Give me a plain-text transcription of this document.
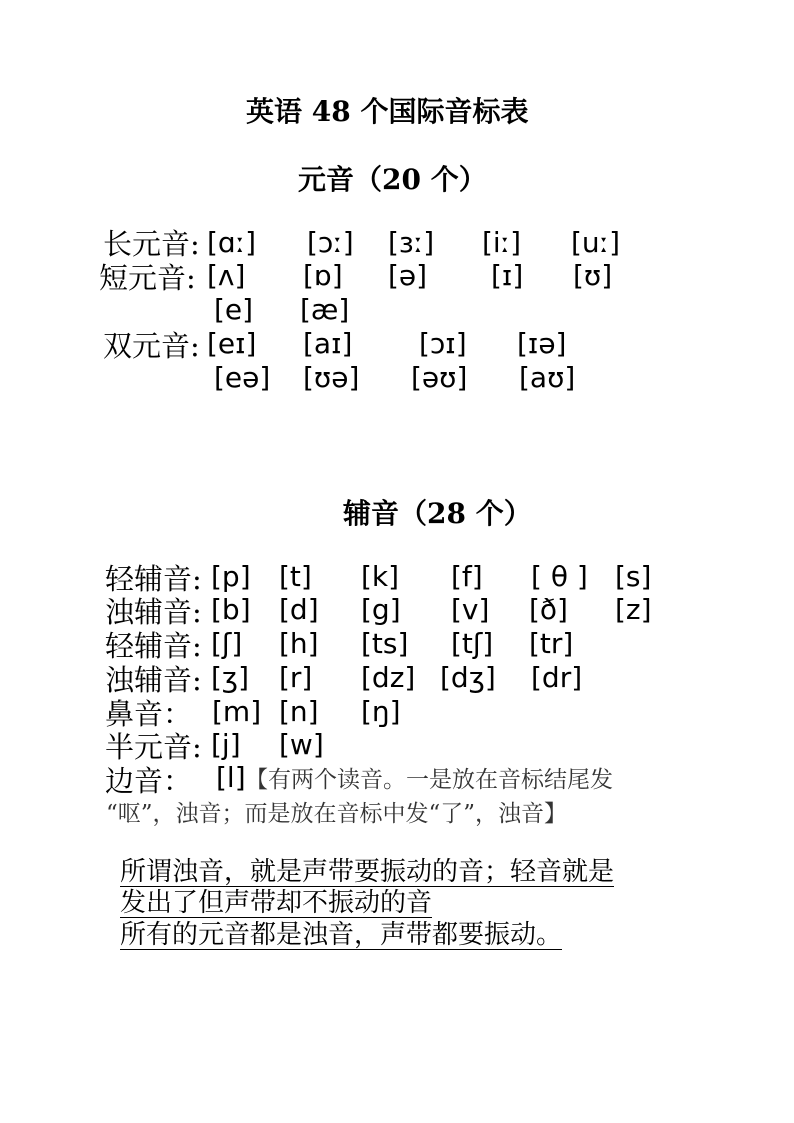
英语 48 个国际音标表
元音（20 个）
长元音: [ɑː] [ɔː] [ɜː] [iː] [uː]
短元音: [ʌ] [ɒ] [ə] [ɪ] [ʊ]
[e] [æ]
双元音: [eɪ] [aɪ] [ɔɪ] [ɪə]
[eə] [ʊə] [əʊ] [aʊ]
辅音（28 个）
轻辅音: [p] [t] [k] [f] [ θ ] [s]
浊辅音: [b] [d] [g] [v] [ð] [z]
轻辅音: [ʃ] [h] [ts] [tʃ] [tr]
浊辅音: [ʒ] [r] [dz] [dʒ] [dr]
鼻音： [m] [n] [ŋ]
半元音: [j] [w]
边音： [l] 【有两个读音。一是放在音标结尾发
“呕”，浊音；而是放在音标中发“了”，浊音】
所谓浊音，就是声带要振动的音；轻音就是
发出了但声带却不振动的音
所有的元音都是浊音，声带都要振动。
